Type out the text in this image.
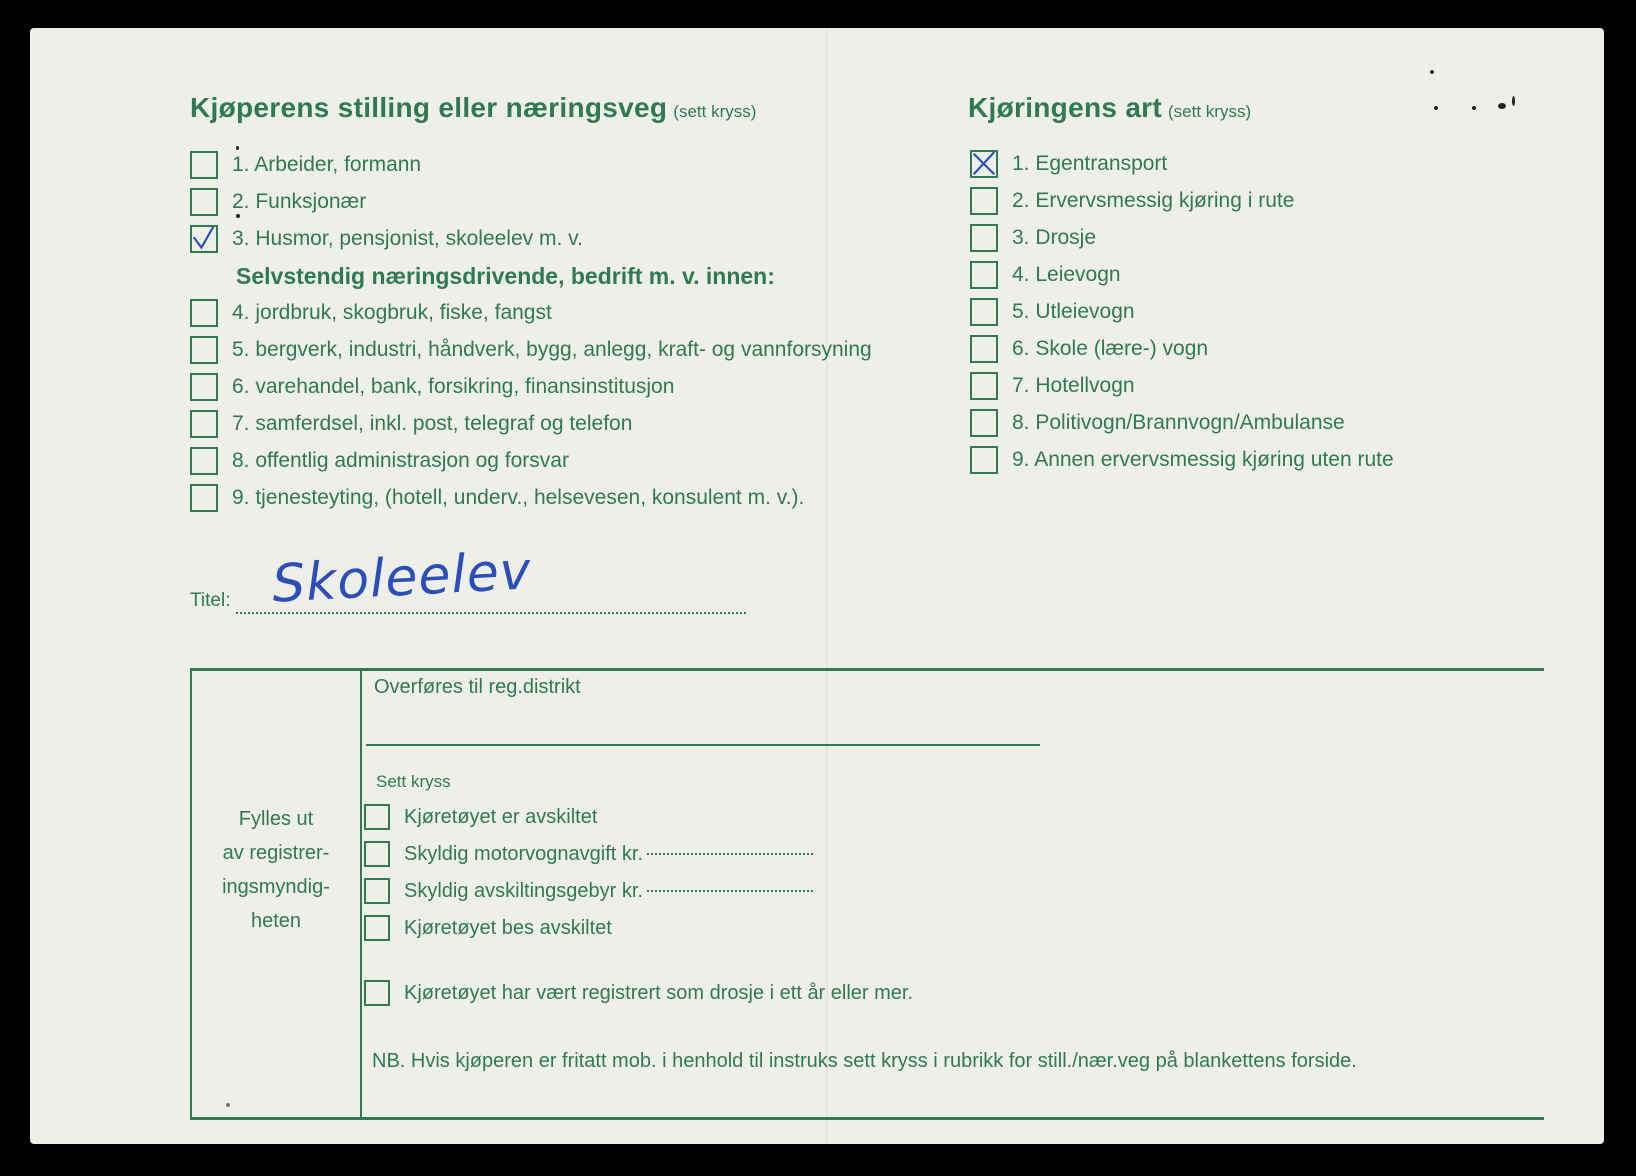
Kjøperens stilling eller næringsveg (sett kryss)
1. Arbeider, formann
2. Funksjonær
3. Husmor, pensjonist, skoleelev m. v.
Selvstendig næringsdrivende, bedrift m. v. innen:
4. jordbruk, skogbruk, fiske, fangst
5. bergverk, industri, håndverk, bygg, anlegg, kraft- og vannforsyning
6. varehandel, bank, forsikring, finansinstitusjon
7. samferdsel, inkl. post, telegraf og telefon
8. offentlig administrasjon og forsvar
9. tjenesteyting, (hotell, underv., helsevesen, konsulent m. v.).
Kjøringens art (sett kryss)
1. Egentransport
2. Ervervsmessig kjøring i rute
3. Drosje
4. Leievogn
5. Utleievogn
6. Skole (lære-) vogn
7. Hotellvogn
8. Politivogn/Brannvogn/Ambulanse
9. Annen ervervsmessig kjøring uten rute
Titel: Skoleelev
Fylles ut
av registrer-
ingsmyndig-
heten
Overføres til reg.distrikt
Sett kryss
Kjøretøyet er avskiltet
Skyldig motorvognavgift kr.
Skyldig avskiltingsgebyr kr.
Kjøretøyet bes avskiltet
Kjøretøyet har vært registrert som drosje i ett år eller mer.
NB. Hvis kjøperen er fritatt mob. i henhold til instruks sett kryss i rubrikk for still./nær.veg på blankettens forside.
